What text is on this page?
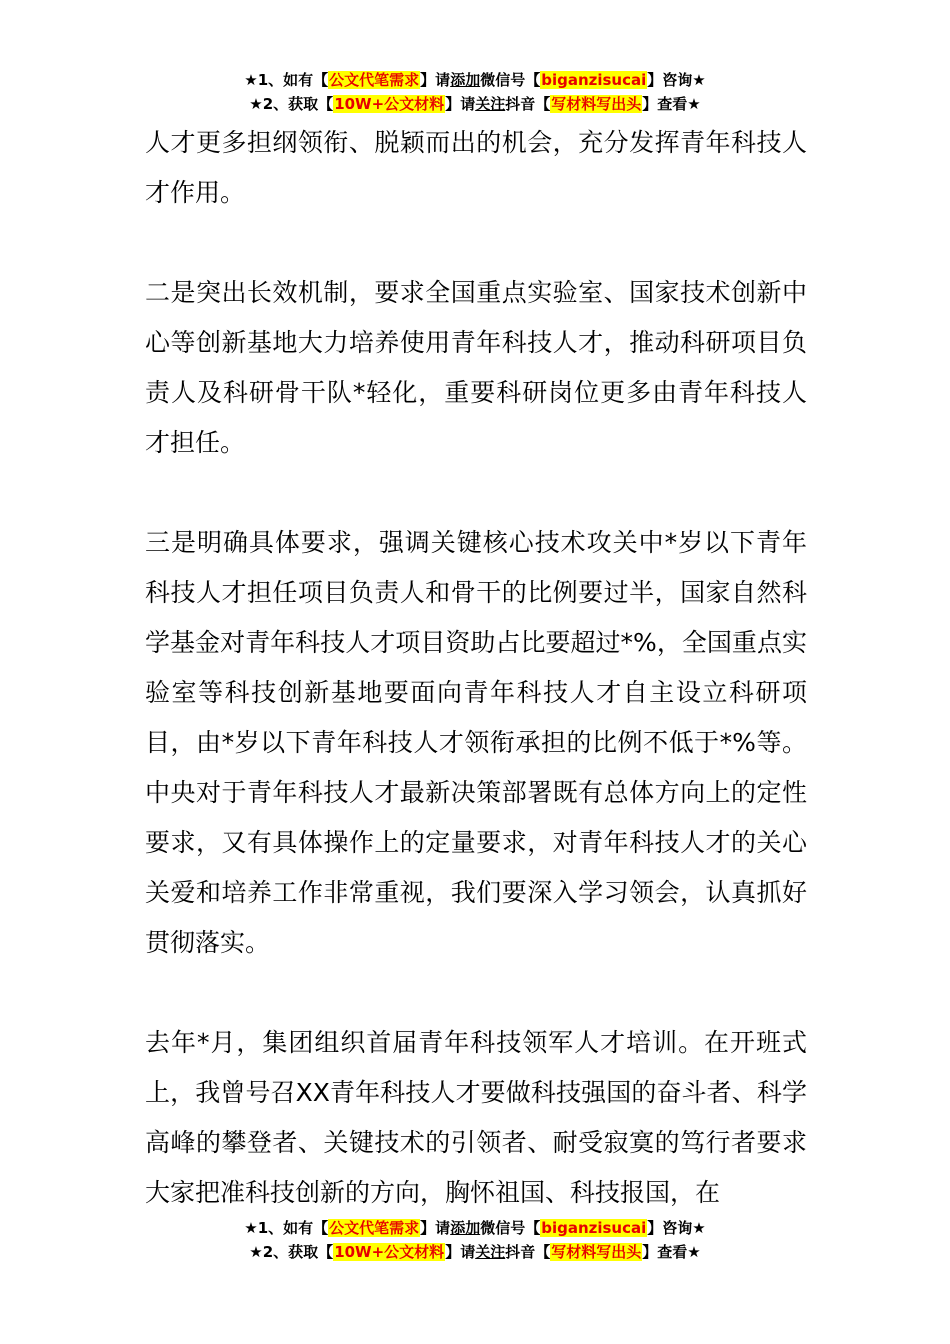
★1、如有【公文代笔需求】请添加微信号【biganzisucai】咨询★
★2、获取【10W+公文材料】请关注抖音【写材料写出头】查看★

人才更多担纲领衔、脱颖而出的机会，充分发挥青年科技人才作用。

二是突出长效机制，要求全国重点实验室、国家技术创新中心等创新基地大力培养使用青年科技人才，推动科研项目负责人及科研骨干队*轻化，重要科研岗位更多由青年科技人才担任。

三是明确具体要求，强调关键核心技术攻关中*岁以下青年科技人才担任项目负责人和骨干的比例要过半，国家自然科学基金对青年科技人才项目资助占比要超过*%，全国重点实验室等科技创新基地要面向青年科技人才自主设立科研项目，由*岁以下青年科技人才领衔承担的比例不低于*%等。中央对于青年科技人才最新决策部署既有总体方向上的定性要求，又有具体操作上的定量要求，对青年科技人才的关心关爱和培养工作非常重视，我们要深入学习领会，认真抓好贯彻落实。

去年*月，集团组织首届青年科技领军人才培训。在开班式上，我曾号召XX青年科技人才要做科技强国的奋斗者、科学高峰的攀登者、关键技术的引领者、耐受寂寞的笃行者要求大家把准科技创新的方向，胸怀祖国、科技报国，在

★1、如有【公文代笔需求】请添加微信号【biganzisucai】咨询★
★2、获取【10W+公文材料】请关注抖音【写材料写出头】查看★
